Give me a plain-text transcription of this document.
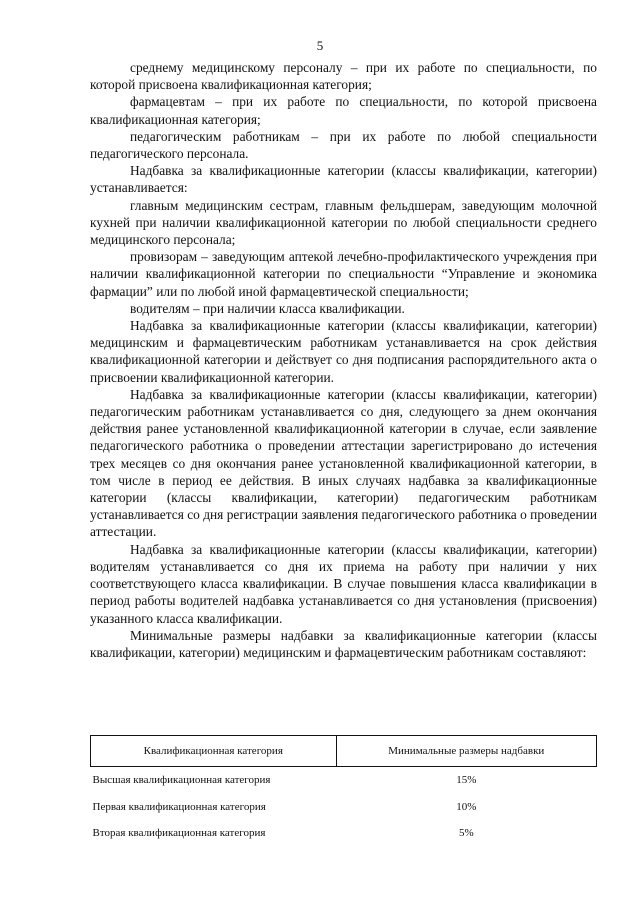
5

среднему медицинскому персоналу – при их работе по специальности, по которой присвоена квалификационная категория;

фармацевтам – при их работе по специальности, по которой присвоена квалификационная категория;

педагогическим работникам – при их работе по любой специальности педагогического персонала.

Надбавка за квалификационные категории (классы квалификации, категории) устанавливается:

главным медицинским сестрам, главным фельдшерам, заведующим молочной кухней при наличии квалификационной категории по любой специальности среднего медицинского персонала;

провизорам – заведующим аптекой лечебно-профилактического учреждения при наличии квалификационной категории по специальности “Управление и экономика фармации” или по любой иной фармацевтической специальности;

водителям – при наличии класса квалификации.

Надбавка за квалификационные категории (классы квалификации, категории) медицинским и фармацевтическим работникам устанавливается на срок действия квалификационной категории и действует со дня подписания распорядительного акта о присвоении квалификационной категории.

Надбавка за квалификационные категории (классы квалификации, категории) педагогическим работникам устанавливается со дня, следующего за днем окончания действия ранее установленной квалификационной категории в случае, если заявление педагогического работника о проведении аттестации зарегистрировано до истечения трех месяцев со дня окончания ранее установленной квалификационной категории, в том числе в период ее действия. В иных случаях надбавка за квалификационные категории (классы квалификации, категории) педагогическим работникам устанавливается со дня регистрации заявления педагогического работника о проведении аттестации.

Надбавка за квалификационные категории (классы квалификации, категории) водителям устанавливается со дня их приема на работу при наличии у них соответствующего класса квалификации. В случае повышения класса квалификации в период работы водителей надбавка устанавливается со дня установления (присвоения) указанного класса квалификации.

Минимальные размеры надбавки за квалификационные категории (классы квалификации, категории) медицинским и фармацевтическим работникам составляют:

Квалификационная категория	Минимальные размеры надбавки
Высшая квалификационная категория	15%
Первая квалификационная категория	10%
Вторая квалификационная категория	5%
